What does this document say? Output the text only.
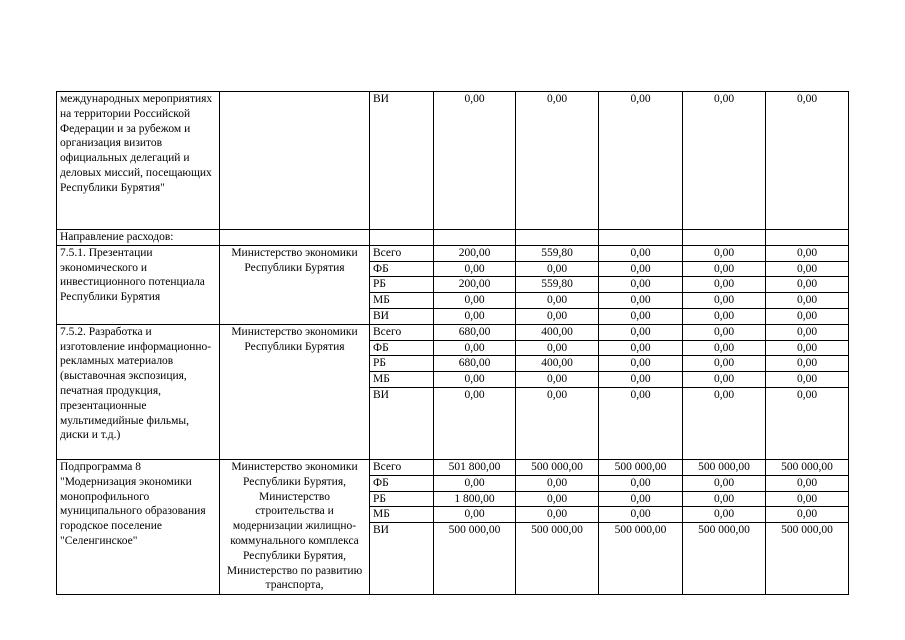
международных мероприятиях на территории Российской Федерации и за рубежом и организация визитов официальных делегаций и деловых миссий, посещающих Республики Бурятия"		ВИ	0,00	0,00	0,00	0,00	0,00
Направление расходов:							
7.5.1. Презентации экономического и инвестиционного потенциала Республики Бурятия	Министерство экономики Республики Бурятия	Всего	200,00	559,80	0,00	0,00	0,00
		ФБ	0,00	0,00	0,00	0,00	0,00
		РБ	200,00	559,80	0,00	0,00	0,00
		МБ	0,00	0,00	0,00	0,00	0,00
		ВИ	0,00	0,00	0,00	0,00	0,00
7.5.2. Разработка и изготовление информационно-рекламных материалов (выставочная экспозиция, печатная продукция, презентационные мультимедийные фильмы, диски и т.д.)	Министерство экономики Республики Бурятия	Всего	680,00	400,00	0,00	0,00	0,00
		ФБ	0,00	0,00	0,00	0,00	0,00
		РБ	680,00	400,00	0,00	0,00	0,00
		МБ	0,00	0,00	0,00	0,00	0,00
		ВИ	0,00	0,00	0,00	0,00	0,00
Подпрограмма 8 "Модернизация экономики монопрофильного муниципального образования городское поселение "Селенгинское"	Министерство экономики Республики Бурятия, Министерство строительства и модернизации жилищно-коммунального комплекса Республики Бурятия, Министерство по развитию транспорта,	Всего	501 800,00	500 000,00	500 000,00	500 000,00	500 000,00
		ФБ	0,00	0,00	0,00	0,00	0,00
		РБ	1 800,00	0,00	0,00	0,00	0,00
		МБ	0,00	0,00	0,00	0,00	0,00
		ВИ	500 000,00	500 000,00	500 000,00	500 000,00	500 000,00
